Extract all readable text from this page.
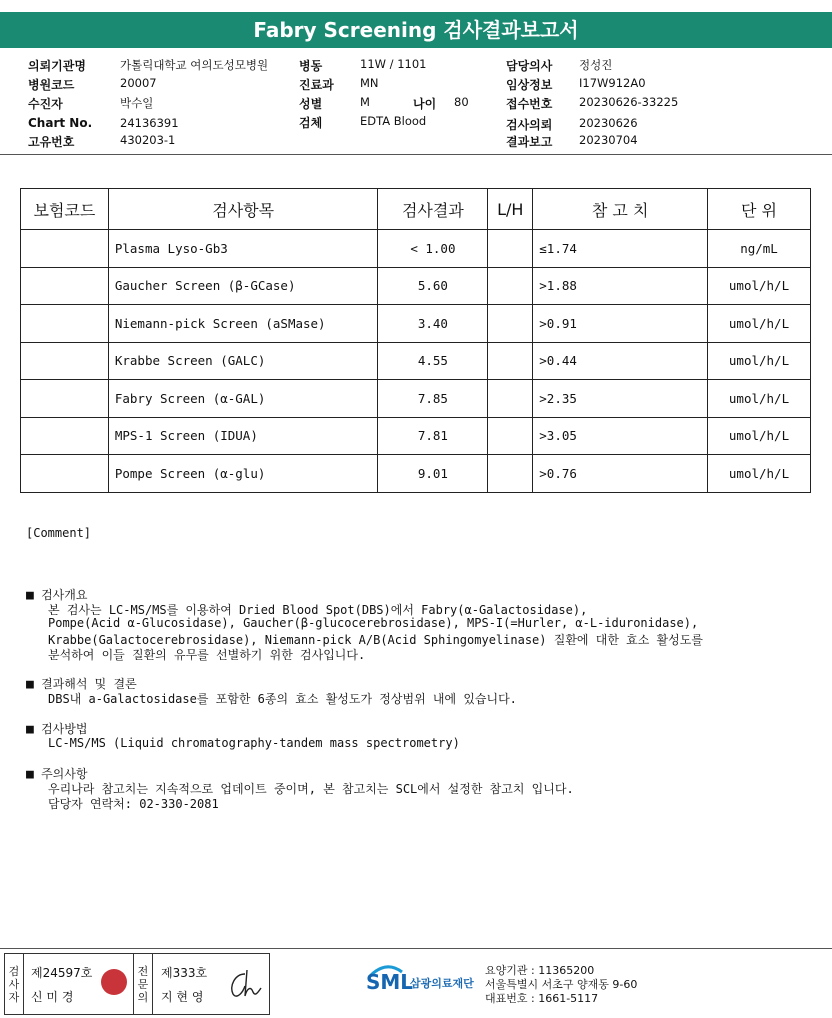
Fabry Screening 검사결과보고서
의뢰기관명	가톨릭대학교 여의도성모병원
병원코드	20007
수진자	박수일
Chart No. 24136391
고유번호	430203-1
병동	11W / 1101
진료과 MN
성별	M	나이 80
검체	EDTA Blood
담당의사 정성진
임상정보 I17W912A0
접수번호 20230626-33225
검사의뢰 20230626
결과보고 20230704
보험코드	검사항목	검사결과	L/H	참 고 치	단 위
	Plasma Lyso-Gb3	< 1.00		≤1.74	ng/mL
	Gaucher Screen (β-GCase)	5.60		>1.88	umol/h/L
	Niemann-pick Screen (aSMase)	3.40		>0.91	umol/h/L
	Krabbe Screen (GALC)	4.55		>0.44	umol/h/L
	Fabry Screen (α-GAL)	7.85		>2.35	umol/h/L
	MPS-1 Screen (IDUA)	7.81		>3.05	umol/h/L
	Pompe Screen (α-glu)	9.01		>0.76	umol/h/L
[Comment]
■ 검사개요
본 검사는 LC-MS/MS를 이용하여 Dried Blood Spot(DBS)에서 Fabry(α-Galactosidase),
Pompe(Acid α-Glucosidase), Gaucher(β-glucocerebrosidase), MPS-I(=Hurler, α-L-iduronidase),
Krabbe(Galactocerebrosidase), Niemann-pick A/B(Acid Sphingomyelinase) 질환에 대한 효소 활성도를
분석하여 이들 질환의 유무를 선별하기 위한 검사입니다.
■ 결과해석 및 결론
DBS내 a-Galactosidase를 포함한 6종의 효소 활성도가 정상범위 내에 있습니다.
■ 검사방법
LC-MS/MS (Liquid chromatography-tandem mass spectrometry)
■ 주의사항
우리나라 참고치는 지속적으로 업데이트 중이며, 본 참고치는 SCL에서 설정한 참고치 입니다.
담당자 연락처: 02-330-2081
검
사
자
제24597호
신 미 경
전
문
의
제333호
지 현 영
SML
삼광의료재단
요양기관 : 11365200
서울특별시 서초구 양재동 9-60
대표번호 : 1661-5117
